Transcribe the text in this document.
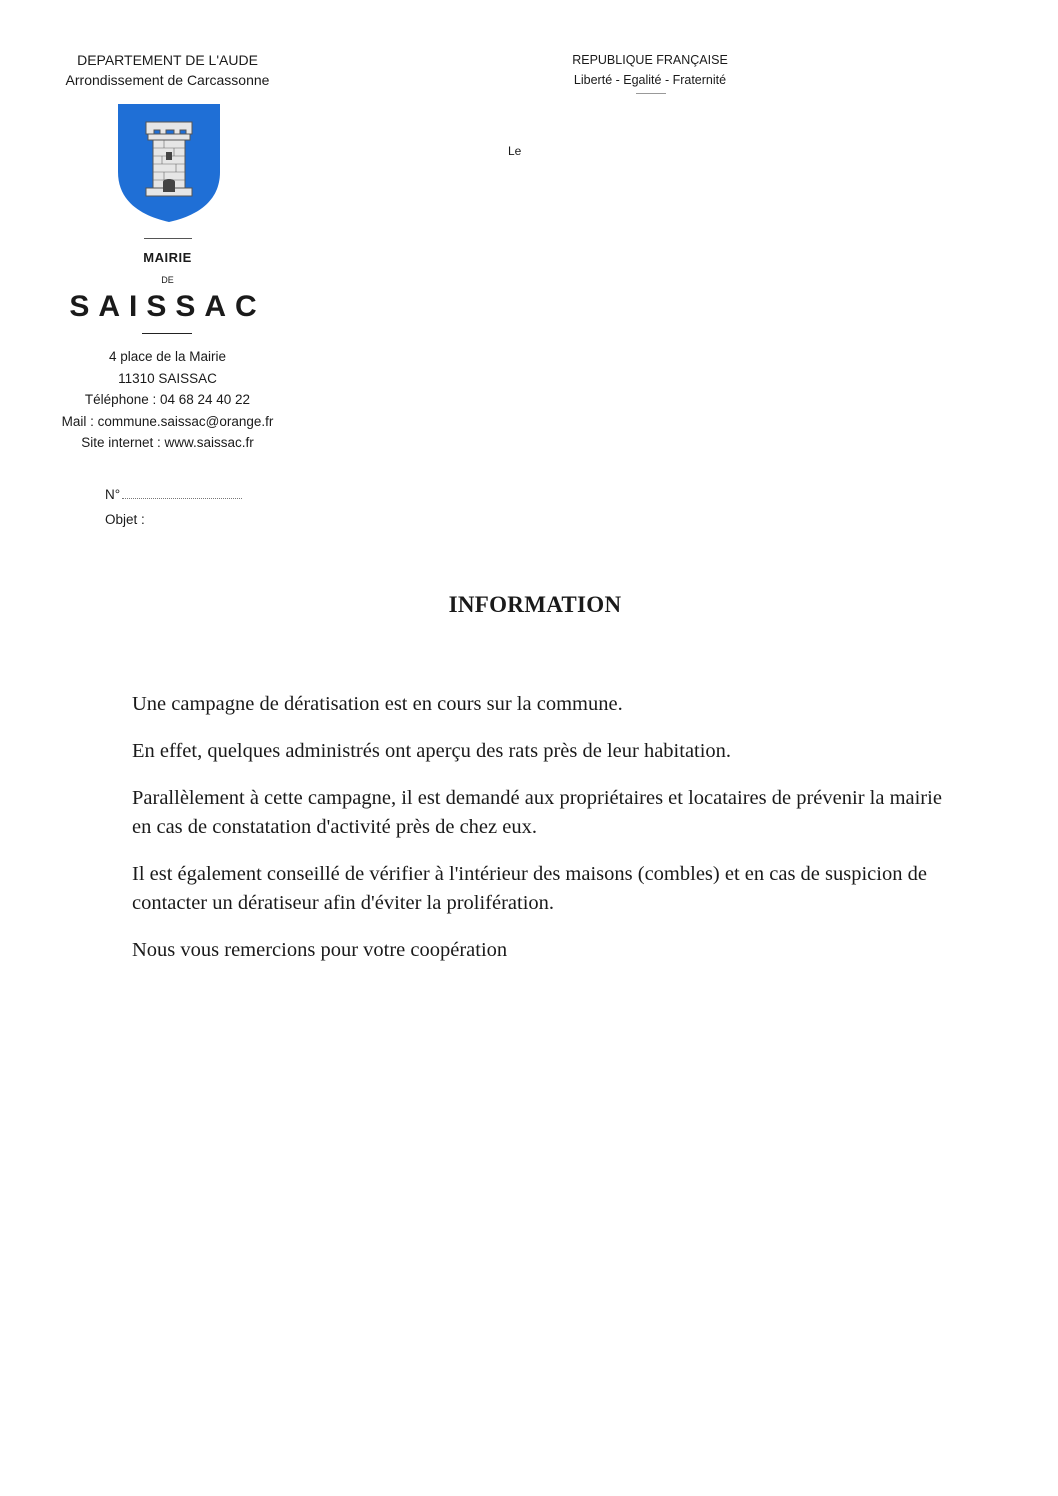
DEPARTEMENT DE L'AUDE
Arrondissement de Carcassonne
REPUBLIQUE FRANÇAISE
Liberté - Egalité - Fraternité
Le
MAIRIE
DE
SAISSAC
4 place de la Mairie
11310 SAISSAC
Téléphone : 04 68 24 40 22
Mail : commune.saissac@orange.fr
Site internet : www.saissac.fr
N°
Objet :
INFORMATION

Une campagne de dératisation est en cours sur la commune.

En effet, quelques administrés ont aperçu des rats près de leur habitation.

Parallèlement à cette campagne, il est demandé aux propriétaires et locataires de prévenir la mairie en cas de constatation d'activité près de chez eux.

Il est également conseillé de vérifier à l'intérieur des maisons (combles) et en cas de suspicion de contacter un dératiseur afin d'éviter la prolifération.

Nous vous remercions pour votre coopération
